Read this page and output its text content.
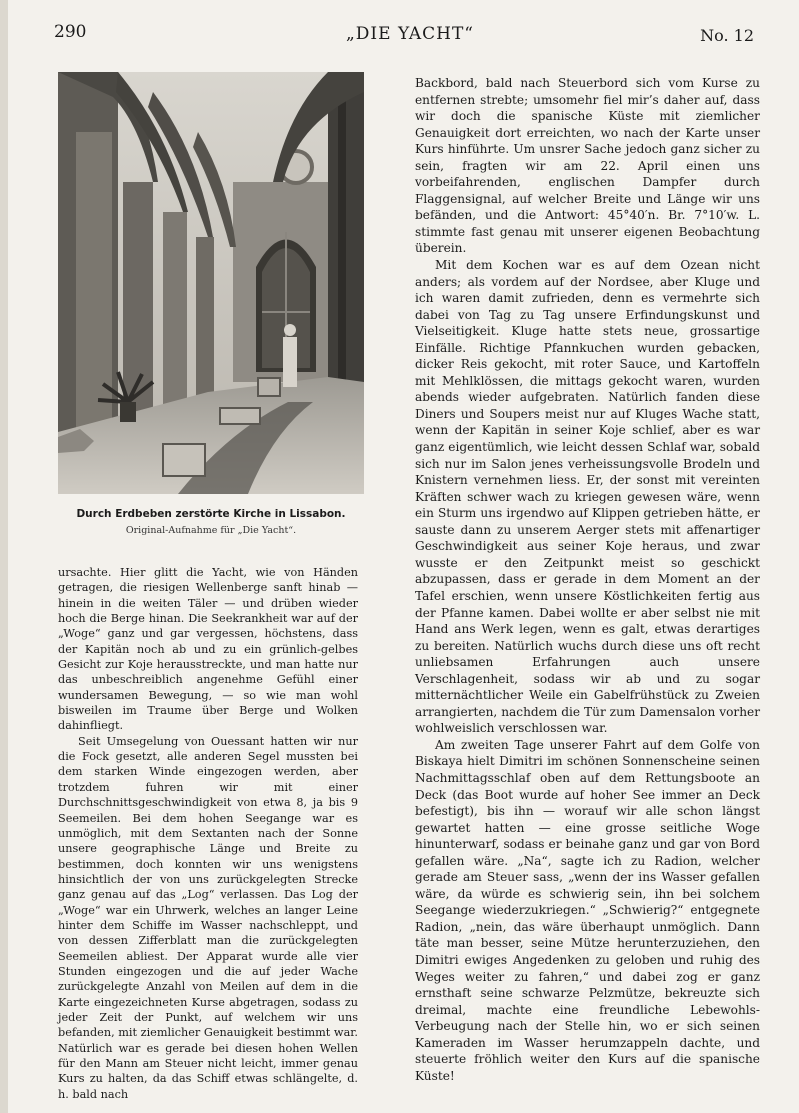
290	„DIE YACHT“	No. 12
Durch Erdbeben zerstörte Kirche in Lissabon.
Original-Aufnahme für „Die Yacht“.

ursachte. Hier glitt die Yacht, wie von Händen getragen, die riesigen Wellenberge sanft hinab — hinein in die weiten Täler — und drüben wieder hoch die Berge hinan. Die Seekrankheit war auf der „Woge“ ganz und gar vergessen, höchstens, dass der Kapitän noch ab und zu ein grünlich-gelbes Gesicht zur Koje herausstreckte, und man hatte nur das unbeschreiblich angenehme Gefühl einer wundersamen Bewegung, — so wie man wohl bisweilen im Traume über Berge und Wolken dahinfliegt.

Seit Umsegelung von Ouessant hatten wir nur die Fock gesetzt, alle anderen Segel mussten bei dem starken Winde eingezogen werden, aber trotzdem fuhren wir mit einer Durchschnittsgeschwindigkeit von etwa 8, ja bis 9 Seemeilen. Bei dem hohen Seegange war es unmöglich, mit dem Sextanten nach der Sonne unsere geographische Länge und Breite zu bestimmen, doch konnten wir uns wenigstens hinsichtlich der von uns zurückgelegten Strecke ganz genau auf das „Log“ verlassen. Das Log der „Woge“ war ein Uhrwerk, welches an langer Leine hinter dem Schiffe im Wasser nachschleppt, und von dessen Zifferblatt man die zurückgelegten Seemeilen abliest. Der Apparat wurde alle vier Stunden eingezogen und die auf jeder Wache zurückgelegte Anzahl von Meilen auf dem in die Karte eingezeichneten Kurse abgetragen, sodass zu jeder Zeit der Punkt, auf welchem wir uns befanden, mit ziemlicher Genauigkeit bestimmt war. Natürlich war es gerade bei diesen hohen Wellen für den Mann am Steuer nicht leicht, immer genau Kurs zu halten, da das Schiff etwas schlängelte, d. h. bald nach

Backbord, bald nach Steuerbord sich vom Kurse zu entfernen strebte; umsomehr fiel mir’s daher auf, dass wir doch die spanische Küste mit ziemlicher Genauigkeit dort erreichten, wo nach der Karte unser Kurs hinführte. Um unsrer Sache jedoch ganz sicher zu sein, fragten wir am 22. April einen uns vorbeifahrenden, englischen Dampfer durch Flaggensignal, auf welcher Breite und Länge wir uns befänden, und die Antwort: 45°40′n. Br. 7°10′w. L. stimmte fast genau mit unserer eigenen Beobachtung überein.

Mit dem Kochen war es auf dem Ozean nicht anders; als vordem auf der Nordsee, aber Kluge und ich waren damit zufrieden, denn es vermehrte sich dabei von Tag zu Tag unsere Erfindungskunst und Vielseitigkeit. Kluge hatte stets neue, grossartige Einfälle. Richtige Pfannkuchen wurden gebacken, dicker Reis gekocht, mit roter Sauce, und Kartoffeln mit Mehlklössen, die mittags gekocht waren, wurden abends wieder aufgebraten. Natürlich fanden diese Diners und Soupers meist nur auf Kluges Wache statt, wenn der Kapitän in seiner Koje schlief, aber es war ganz eigentümlich, wie leicht dessen Schlaf war, sobald sich nur im Salon jenes verheissungsvolle Brodeln und Knistern vernehmen liess. Er, der sonst mit vereinten Kräften schwer wach zu kriegen gewesen wäre, wenn ein Sturm uns irgendwo auf Klippen getrieben hätte, er sauste dann zu unserem Aerger stets mit affenartiger Geschwindigkeit aus seiner Koje heraus, und zwar wusste er den Zeitpunkt meist so geschickt abzupassen, dass er gerade in dem Moment an der Tafel erschien, wenn unsere Köstlichkeiten fertig aus der Pfanne kamen. Dabei wollte er aber selbst nie mit Hand ans Werk legen, wenn es galt, etwas derartiges zu bereiten. Natürlich wuchs durch diese uns oft recht unliebsamen Erfahrungen auch unsere Verschlagenheit, sodass wir ab und zu sogar mitternächtlicher Weile ein Gabelfrühstück zu Zweien arrangierten, nachdem die Tür zum Damensalon vorher wohlweislich verschlossen war.

Am zweiten Tage unserer Fahrt auf dem Golfe von Biskaya hielt Dimitri im schönen Sonnenscheine seinen Nachmittagsschlaf oben auf dem Rettungsboote an Deck (das Boot wurde auf hoher See immer an Deck befestigt), bis ihn — worauf wir alle schon längst gewartet hatten — eine grosse seitliche Woge hinunterwarf, sodass er beinahe ganz und gar von Bord gefallen wäre. „Na“, sagte ich zu Radion, welcher gerade am Steuer sass, „wenn der ins Wasser gefallen wäre, da würde es schwierig sein, ihn bei solchem Seegange wiederzukriegen.“ „Schwierig?“ entgegnete Radion, „nein, das wäre überhaupt unmöglich. Dann täte man besser, seine Mütze herunterzuziehen, den Dimitri ewiges Angedenken zu geloben und ruhig des Weges weiter zu fahren,“ und dabei zog er ganz ernsthaft seine schwarze Pelzmütze, bekreuzte sich dreimal, machte eine freundliche Lebewohls-Verbeugung nach der Stelle hin, wo er sich seinen Kameraden im Wasser herumzappeln dachte, und steuerte fröhlich weiter den Kurs auf die spanische Küste!
